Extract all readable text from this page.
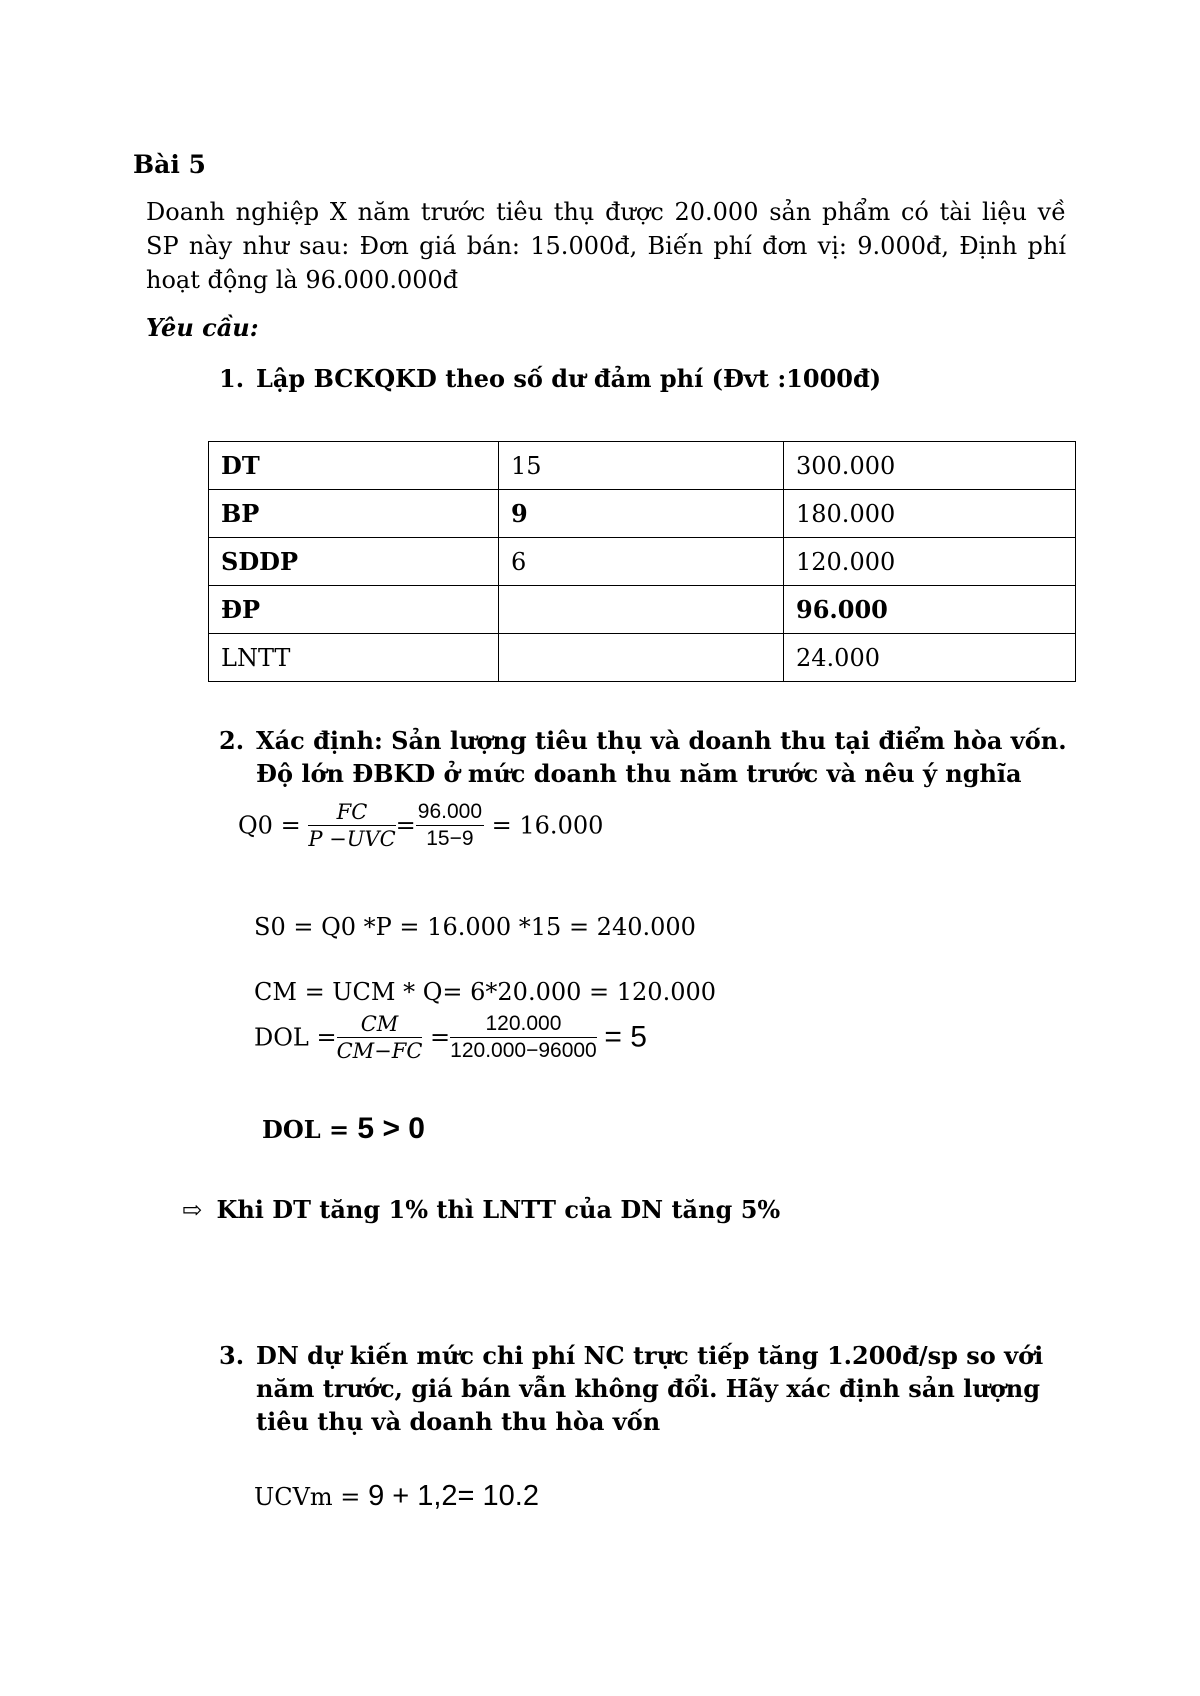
Bài 5
Doanh nghiệp X năm trước tiêu thụ được 20.000 sản phẩm có tài liệu về
SP này như sau: Đơn giá bán: 15.000đ, Biến phí đơn vị: 9.000đ, Định phí
hoạt động là 96.000.000đ
Yêu cầu:
1. Lập BCKQKD theo số dư đảm phí (Đvt :1000đ)
DT	15	300.000
BP	9	180.000
SDDP	6	120.000
ĐP		96.000
LNTT		24.000
2. Xác định: Sản lượng tiêu thụ và doanh thu tại điểm hòa vốn.
Độ lớn ĐBKD ở mức doanh thu năm trước và nêu ý nghĩa
$Q0 = \frac{FC}{\text{P −UVC}} = \frac{96.000}{15-9} = 16.000$
S0 = Q0 *P = 16.000 *15 = 240.000
CM = UCM * Q= 6*20.000 = 120.000
DOL = $\frac{CM}{CM-FC} = \frac{120.000}{120.000-96000} = 5$
DOL = 5 > 0
⇨ Khi DT tăng 1% thì LNTT của DN tăng 5%
3. DN dự kiến mức chi phí NC trực tiếp tăng 1.200đ/sp so với
năm trước, giá bán vẫn không đổi. Hãy xác định sản lượng
tiêu thụ và doanh thu hòa vốn
UCVm = 9 + 1,2= 10.2
